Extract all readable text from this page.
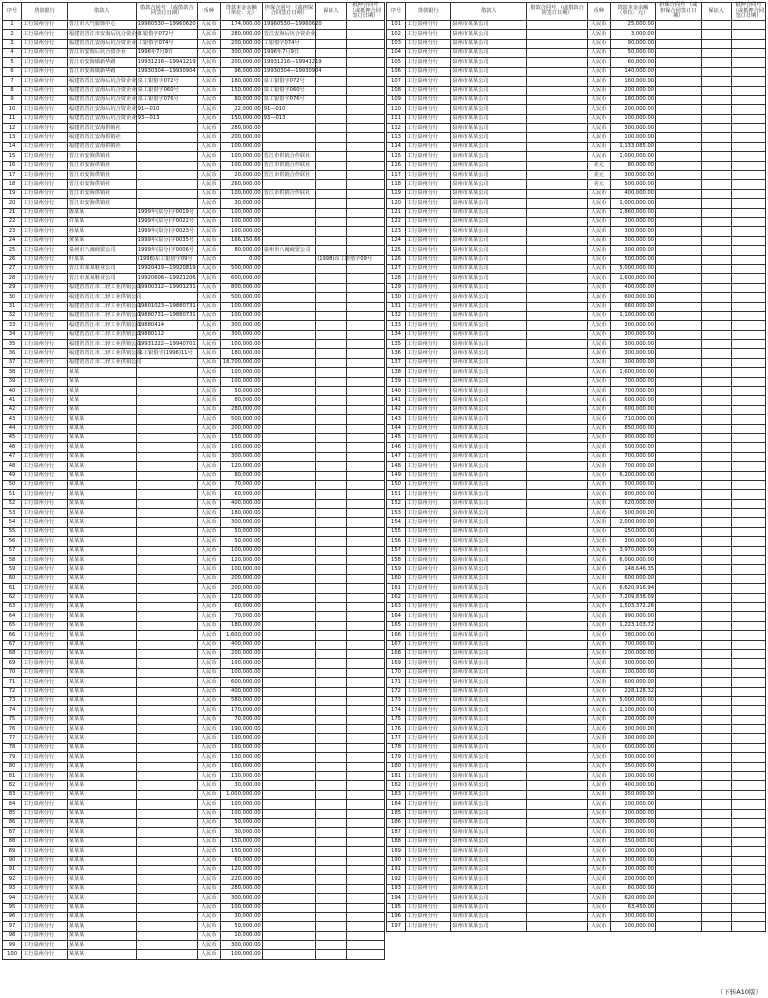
序号	贷款银行	借款人	借款合同号 （或借款合同签订日期）	币种	贷款本金余额 （单位：元）	担保合同号 （或担保合同签订日期）	保证人	抵押合同号 （或抵押合同签订日期）
1	工行泉州分行	晋江市大气服饰中心	19960530—19960620	人民币	174,000.00	19960530—19960620		
2	工行泉州分行	福建省晋江市安海后坑合资企业	工银借字072号	人民币	280,000.00	晋江安海后坑合资企业		
3	工行泉州分行	福建省晋江安海后坑合资企业	工银借字074号	人民币	200,000.00	工银借字074号		
4	工行泉州分行	晋江市安海后坑合资企业	1996年7月9日	人民币	300,000.00	1996年7月9日		
5	工行泉州分行	晋江市安海镇新华路	19931216—19941219	人民币	200,000.00	19931216—19941219		
6	工行泉州分行	晋江市安海镇新华路	19930304—19930904	人民币	96,000.00	19930304—19930904		
7	工行泉州分行	福建省晋江安海后坑合资企业	泉工银借字072号	人民币	180,000.00	泉工银借字072号		
8	工行泉州分行	福建省晋江安海后坑合资企业	泉工银借字060号	人民币	150,000.00	泉工银借字060号		
9	工行泉州分行	福建省晋江安海后坑合资企业	泉工银借字076号	人民币	80,000.00	泉工银借字076号		
10	工行泉州分行	福建省晋江安海后坑合资企业	91—010	人民币	22,000.00	91—010		
11	工行泉州分行	福建省晋江安海后坑合资企业	93—013	人民币	150,000.00	93—013		
12	工行泉州分行	福建省晋江安海供销社		人民币	280,000.00			
13	工行泉州分行	福建省晋江安海供销社		人民币	200,000.00			
14	工行泉州分行	福建省晋江安海供销社		人民币	100,000.00			
15	工行泉州分行	晋江市安海供销社		人民币	100,000.00	晋江市供销合作联社		
16	工行泉州分行	晋江市安海供销社		人民币	100,000.00	晋江市供销合作联社		
17	工行泉州分行	晋江市安海供销社		人民币	20,000.00	晋江市供销合作联社		
18	工行泉州分行	晋江市安海供销社		人民币	260,000.00			
19	工行泉州分行	晋江市安海供销社		人民币	100,000.00	晋江市供销合作联社		
20	工行泉州分行	晋江市安海供销社		人民币	30,000.00			
21	工行泉州分行	陈某某	1999年(泉分)字0019号	人民币	100,000.00			
22	工行泉州分行	许某某	1999年(泉分)字0022号	人民币	100,000.00			
23	工行泉州分行	孙某某	1999年(泉分)字0023号	人民币	100,000.00			
24	工行泉州分行	黄某某	1999年(泉分)字0035号	人民币	166,150.66			
25	工行泉州分行	泉州市八闽商贸公司	1999年(泉分)字0006号	人民币	80,000.00	泉州市八闽商贸公司		
26	工行泉州分行	叶某某	(1998)东工银借字09号	人民币	0.00		(1998)东工银借字09号	
27	工行泉州分行	晋江市某某鞋业公司	19920419—19920819	人民币	500,000.00			
28	工行泉州分行	晋江市某某鞋业公司	19920606—19921206	人民币	600,000.00			
29	工行泉州分行	福建省晋江市二轻工业供销公司	19900312—19901231	人民币	800,000.00			
30	工行泉州分行	福建省晋江市二轻工业供销公司		人民币	500,000.00			
31	工行泉州分行	福建省晋江市二轻工业供销公司	19801023—19880731	人民币	100,000.00			
32	工行泉州分行	福建省晋江市二轻工业供销公司	19880731—19880731	人民币	100,000.00			
33	工行泉州分行	福建省晋江市二轻工业供销公司	19880414	人民币	300,000.00			
34	工行泉州分行	福建省晋江市二轻工业供销公司	19880112	人民币	300,000.00			
35	工行泉州分行	福建省晋江市二轻工业供销公司	19931222—19940701	人民币	100,000.00			
36	工行泉州分行	福建省晋江市二轻工业供销公司	泉工银借字(1996)11号	人民币	180,000.00			
37	工行泉州分行	福建省晋江市二轻工业供销公司		人民币	18,700,000.00			
38	工行泉州分行	某某		人民币	100,000.00			
39	工行泉州分行	某某		人民币	100,000.00			
40	工行泉州分行	某某		人民币	50,000.00			
41	工行泉州分行	某某		人民币	80,000.00			
42	工行泉州分行	某某		人民币	280,000.00			
43	工行泉州分行	某某某		人民币	500,000.00			
44	工行泉州分行	某某某		人民币	200,000.00			
45	工行泉州分行	某某某		人民币	150,000.00			
46	工行泉州分行	某某某		人民币	100,000.00			
47	工行泉州分行	某某某		人民币	300,000.00			
48	工行泉州分行	某某某		人民币	120,000.00			
49	工行泉州分行	某某某		人民币	80,000.00			
50	工行泉州分行	某某某		人民币	70,000.00			
51	工行泉州分行	某某某		人民币	60,000.00			
52	工行泉州分行	某某某		人民币	400,000.00			
53	工行泉州分行	某某某		人民币	180,000.00			
54	工行泉州分行	某某某		人民币	300,000.00			
55	工行泉州分行	某某某		人民币	50,000.00			
56	工行泉州分行	某某某		人民币	50,000.00			
57	工行泉州分行	某某某		人民币	100,000.00			
58	工行泉州分行	某某某		人民币	120,000.00			
59	工行泉州分行	某某某		人民币	100,000.00			
60	工行泉州分行	某某某		人民币	200,000.00			
61	工行泉州分行	某某某		人民币	200,000.00			
62	工行泉州分行	某某某		人民币	120,000.00			
63	工行泉州分行	某某某		人民币	60,000.00			
64	工行泉州分行	某某某		人民币	70,000.00			
65	工行泉州分行	某某某		人民币	180,000.00			
66	工行泉州分行	某某某		人民币	1,600,000.00			
67	工行泉州分行	某某某		人民币	400,000.00			
68	工行泉州分行	某某某		人民币	200,000.00			
69	工行泉州分行	某某某		人民币	100,000.00			
70	工行泉州分行	某某某		人民币	100,000.00			
71	工行泉州分行	某某某		人民币	600,000.00			
72	工行泉州分行	某某某		人民币	400,000.00			
73	工行泉州分行	某某某		人民币	580,000.00			
74	工行泉州分行	某某某		人民币	170,000.00			
75	工行泉州分行	某某某		人民币	70,000.00			
76	工行泉州分行	某某某		人民币	190,000.00			
77	工行泉州分行	某某某		人民币	190,000.00			
78	工行泉州分行	某某某		人民币	160,000.00			
79	工行泉州分行	某某某		人民币	130,000.00			
80	工行泉州分行	某某某		人民币	160,000.00			
81	工行泉州分行	某某某		人民币	130,000.00			
82	工行泉州分行	某某某		人民币	30,000.00			
83	工行泉州分行	某某某		人民币	1,000,000.00			
84	工行泉州分行	某某某		人民币	100,000.00			
85	工行泉州分行	某某某		人民币	100,000.00			
86	工行泉州分行	某某某		人民币	50,000.00			
87	工行泉州分行	某某某		人民币	30,000.00			
88	工行泉州分行	某某某		人民币	150,000.00			
89	工行泉州分行	某某某		人民币	150,000.00			
90	工行泉州分行	某某某		人民币	60,000.00			
91	工行泉州分行	某某某		人民币	120,000.00			
92	工行泉州分行	某某某		人民币	220,000.00			
93	工行泉州分行	某某某		人民币	280,000.00			
94	工行泉州分行	某某某		人民币	300,000.00			
95	工行泉州分行	某某某		人民币	100,000.00			
96	工行泉州分行	某某某		人民币	30,000.00			
97	工行泉州分行	某某某		人民币	50,000.00			
98	工行泉州分行	某某某		人民币	10,000.00			
99	工行泉州分行	某某某		人民币	300,000.00			
100	工行泉州分行	某某某		人民币	100,000.00			
序号	贷款银行	借款人	借款合同号 （或借款合同签订日期）	币种	贷款本金余额 （单位：元）	担保合同号 （或担保合同签订日期）	保证人	抵押合同号 （或抵押合同签订日期）
101	工行泉州分行	泉州市某某公司		人民币	25,000.00			
102	工行泉州分行	泉州市某某公司		人民币	3,000.00			
103	工行泉州分行	泉州市某某公司		人民币	90,000.00			
104	工行泉州分行	泉州市某某公司		人民币	50,000.00			
105	工行泉州分行	泉州市某某公司		人民币	60,000.00			
106	工行泉州分行	泉州市某某公司		人民币	140,000.00			
107	工行泉州分行	泉州市某某公司		人民币	160,000.00			
108	工行泉州分行	泉州市某某公司		人民币	200,000.00			
109	工行泉州分行	泉州市某某公司		人民币	180,000.00			
110	工行泉州分行	泉州市某某公司		人民币	200,000.00			
111	工行泉州分行	泉州市某某公司		人民币	100,000.00			
112	工行泉州分行	泉州市某某公司		人民币	300,000.00			
113	工行泉州分行	泉州市某某公司		人民币	100,000.00			
114	工行泉州分行	泉州市某某公司		人民币	1,133,085.00			
115	工行泉州分行	泉州市某某公司		人民币	1,000,000.00			
116	工行泉州分行	泉州市某某公司		美元	80,000.00			
117	工行泉州分行	泉州市某某公司		美元	300,000.00			
118	工行泉州分行	泉州市某某公司		美元	500,000.00			
119	工行泉州分行	泉州市某某公司		人民币	400,000.00			
120	工行泉州分行	泉州市某某公司		人民币	1,000,000.00			
121	工行泉州分行	泉州市某某公司		人民币	1,860,000.00			
122	工行泉州分行	泉州市某某公司		人民币	300,000.00			
123	工行泉州分行	泉州市某某公司		人民币	300,000.00			
124	工行泉州分行	泉州市某某公司		人民币	300,000.00			
125	工行泉州分行	泉州市某某公司		人民币	300,000.00			
126	工行泉州分行	泉州市某某公司		人民币	500,000.00			
127	工行泉州分行	泉州市某某公司		人民币	5,000,000.00			
128	工行泉州分行	泉州市某某公司		人民币	1,600,000.00			
129	工行泉州分行	泉州市某某公司		人民币	400,000.00			
130	工行泉州分行	泉州市某某公司		人民币	600,000.00			
131	工行泉州分行	泉州市某某公司		人民币	660,000.00			
132	工行泉州分行	泉州市某某公司		人民币	1,100,000.00			
133	工行泉州分行	泉州市某某公司		人民币	300,000.00			
134	工行泉州分行	泉州市某某公司		人民币	300,000.00			
135	工行泉州分行	泉州市某某公司		人民币	300,000.00			
136	工行泉州分行	泉州市某某公司		人民币	300,000.00			
137	工行泉州分行	泉州市某某公司		人民币	300,000.00			
138	工行泉州分行	泉州市某某公司		人民币	1,600,000.00			
139	工行泉州分行	泉州市某某公司		人民币	700,000.00			
140	工行泉州分行	泉州市某某公司		人民币	700,000.00			
141	工行泉州分行	泉州市某某公司		人民币	600,000.00			
142	工行泉州分行	泉州市某某公司		人民币	600,000.00			
143	工行泉州分行	泉州市某某公司		人民币	710,000.00			
144	工行泉州分行	泉州市某某公司		人民币	850,000.00			
145	工行泉州分行	泉州市某某公司		人民币	900,000.00			
146	工行泉州分行	泉州市某某公司		人民币	500,000.00			
147	工行泉州分行	泉州市某某公司		人民币	700,000.00			
148	工行泉州分行	泉州市某某公司		人民币	700,000.00			
149	工行泉州分行	泉州市某某公司		人民币	6,200,000.00			
150	工行泉州分行	泉州市某某公司		人民币	500,000.00			
151	工行泉州分行	泉州市某某公司		人民币	800,000.00			
152	工行泉州分行	泉州市某某公司		人民币	620,000.00			
153	工行泉州分行	泉州市某某公司		人民币	500,000.00			
154	工行泉州分行	泉州市某某公司		人民币	2,000,000.00			
155	工行泉州分行	泉州市某某公司		人民币	150,000.00			
156	工行泉州分行	泉州市某某公司		人民币	300,000.00			
157	工行泉州分行	泉州市某某公司		人民币	3,970,000.00			
158	工行泉州分行	泉州市某某公司		人民币	6,000,000.00			
159	工行泉州分行	泉州市某某公司		人民币	148,646.35			
160	工行泉州分行	泉州市某某公司		人民币	600,000.00			
161	工行泉州分行	泉州市某某公司		人民币	6,620,916.94			
162	工行泉州分行	泉州市某某公司		人民币	7,209,838.09			
163	工行泉州分行	泉州市某某公司		人民币	1,503,372.26			
164	工行泉州分行	泉州市某某公司		人民币	990,000.00			
165	工行泉州分行	泉州市某某公司		人民币	1,223,103.72			
166	工行泉州分行	泉州市某某公司		人民币	380,000.00			
167	工行泉州分行	泉州市某某公司		人民币	700,000.00			
168	工行泉州分行	泉州市某某公司		人民币	200,000.00			
169	工行泉州分行	泉州市某某公司		人民币	300,000.00			
170	工行泉州分行	泉州市某某公司		人民币	100,000.00			
171	工行泉州分行	泉州市某某公司		人民币	600,000.00			
172	工行泉州分行	泉州市某某公司		人民币	228,128.32			
173	工行泉州分行	泉州市某某公司		人民币	5,000,000.00			
174	工行泉州分行	泉州市某某公司		人民币	1,100,000.00			
175	工行泉州分行	泉州市某某公司		人民币	200,000.00			
176	工行泉州分行	泉州市某某公司		人民币	300,000.00			
177	工行泉州分行	泉州市某某公司		人民币	300,000.00			
178	工行泉州分行	泉州市某某公司		人民币	600,000.00			
179	工行泉州分行	泉州市某某公司		人民币	500,000.00			
180	工行泉州分行	泉州市某某公司		人民币	350,000.00			
181	工行泉州分行	泉州市某某公司		人民币	100,000.00			
182	工行泉州分行	泉州市某某公司		人民币	400,000.00			
183	工行泉州分行	泉州市某某公司		人民币	350,000.00			
184	工行泉州分行	泉州市某某公司		人民币	100,000.00			
185	工行泉州分行	泉州市某某公司		人民币	300,000.00			
186	工行泉州分行	泉州市某某公司		人民币	300,000.00			
187	工行泉州分行	泉州市某某公司		人民币	200,000.00			
188	工行泉州分行	泉州市某某公司		人民币	350,000.00			
189	工行泉州分行	泉州市某某公司		人民币	100,000.00			
190	工行泉州分行	泉州市某某公司		人民币	300,000.00			
191	工行泉州分行	泉州市某某公司		人民币	300,000.00			
192	工行泉州分行	泉州市某某公司		人民币	200,000.00			
193	工行泉州分行	泉州市某某公司		人民币	60,000.00			
194	工行泉州分行	泉州市某某公司		人民币	620,000.00			
195	工行泉州分行	泉州市某某公司		人民币	63,450.00			
196	工行泉州分行	泉州市某某公司		人民币	300,000.00			
197	工行泉州分行	泉州市某某公司		人民币	100,000.00			
（下转A10版）
